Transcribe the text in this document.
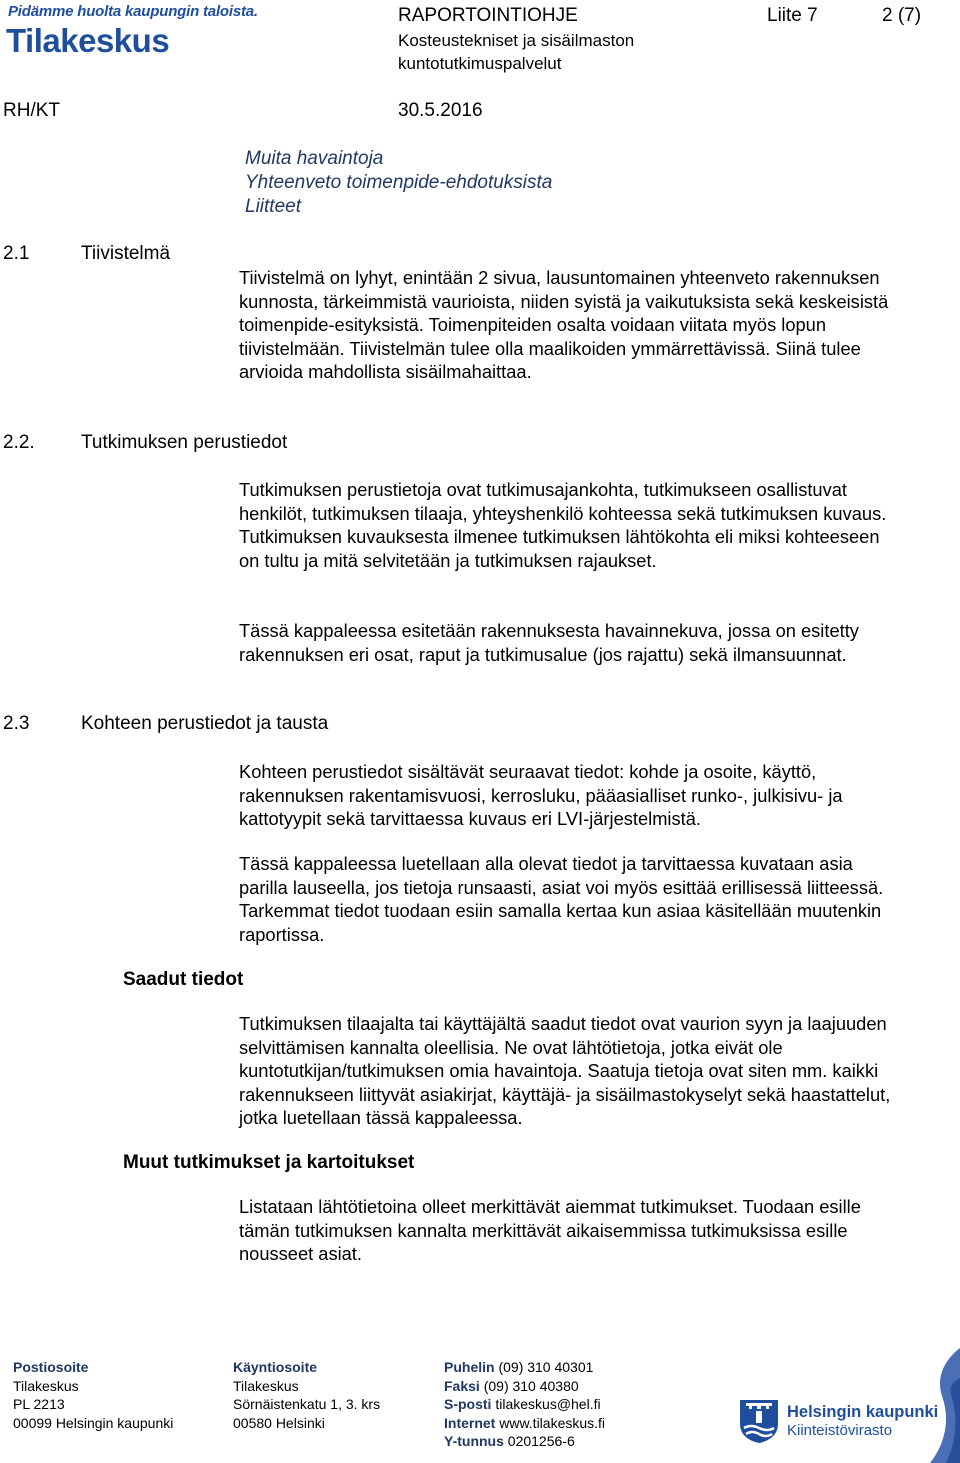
Pidämme huolta kaupungin taloista.
Tilakeskus
RAPORTOINTIOHJE	Liite 7	2 (7)
Kosteustekniset ja sisäilmaston
kuntotutkimuspalvelut
RH/KT	30.5.2016
Muita havaintoja
Yhteenveto toimenpide-ehdotuksista
Liitteet
2.1	Tiivistelmä

Tiivistelmä on lyhyt, enintään 2 sivua, lausuntomainen yhteenveto rakennuksen kunnosta, tärkeimmistä vaurioista, niiden syistä ja vaikutuksista sekä keskeisistä toimenpide-esityksistä. Toimenpiteiden osalta voidaan viitata myös lopun tiivistelmään. Tiivistelmän tulee olla maalikoiden ymmärrettävissä. Siinä tulee arvioida mahdollista sisäilmahaittaa.

2.2. Tutkimuksen perustiedot

Tutkimuksen perustietoja ovat tutkimusajankohta, tutkimukseen osallistuvat henkilöt, tutkimuksen tilaaja, yhteyshenkilö kohteessa sekä tutkimuksen kuvaus. Tutkimuksen kuvauksesta ilmenee tutkimuksen lähtökohta eli miksi kohteeseen on tultu ja mitä selvitetään ja tutkimuksen rajaukset.

Tässä kappaleessa esitetään rakennuksesta havainnekuva, jossa on esitetty rakennuksen eri osat, raput ja tutkimusalue (jos rajattu) sekä ilmansuunnat.

2.3	Kohteen perustiedot ja tausta

Kohteen perustiedot sisältävät seuraavat tiedot: kohde ja osoite, käyttö, rakennuksen rakentamisvuosi, kerrosluku, pääasialliset runko-, julkisivu- ja kattotyypit sekä tarvittaessa kuvaus eri LVI-järjestelmistä.

Tässä kappaleessa luetellaan alla olevat tiedot ja tarvittaessa kuvataan asia parilla lauseella, jos tietoja runsaasti, asiat voi myös esittää erillisessä liitteessä. Tarkemmat tiedot tuodaan esiin samalla kertaa kun asiaa käsitellään muutenkin raportissa.

Saadut tiedot

Tutkimuksen tilaajalta tai käyttäjältä saadut tiedot ovat vaurion syyn ja laajuuden selvittämisen kannalta oleellisia. Ne ovat lähtötietoja, jotka eivät ole kuntotutkijan/tutkimuksen omia havaintoja. Saatuja tietoja ovat siten mm. kaikki rakennukseen liittyvät asiakirjat, käyttäjä- ja sisäilmastokyselyt sekä haastattelut, jotka luetellaan tässä kappaleessa.

Muut tutkimukset ja kartoitukset

Listataan lähtötietoina olleet merkittävät aiemmat tutkimukset. Tuodaan esille tämän tutkimuksen kannalta merkittävät aikaisemmissa tutkimuksissa esille nousseet asiat.

Postiosoite
Tilakeskus
PL 2213
00099 Helsingin kaupunki
Käyntiosoite
Tilakeskus
Sörnäistenkatu 1, 3. krs
00580 Helsinki
Puhelin (09) 310 40301
Faksi (09) 310 40380
S-posti tilakeskus@hel.fi
Internet www.tilakeskus.fi
Y-tunnus 0201256-6
Helsingin kaupunki
Kiinteistövirasto
